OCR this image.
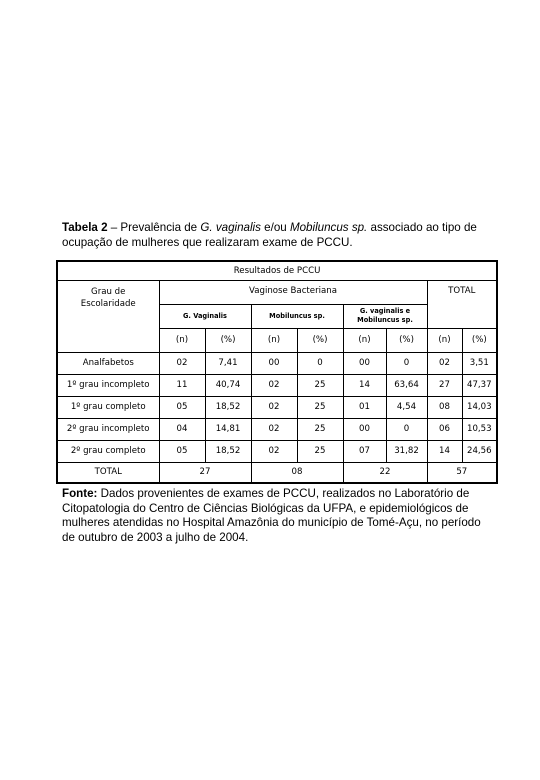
Tabela 2 – Prevalência de G. vaginalis e/ou Mobiluncus sp. associado ao tipo de ocupação de mulheres que realizaram exame de PCCU.
Resultados de PCCU								
Grau de Escolaridade	Vaginose Bacteriana						TOTAL	
	G. Vaginalis		Mobiluncus sp.		G. vaginalis e Mobiluncus sp.			
	(n)	(%)	(n)	(%)	(n)	(%)	(n)	(%)
Analfabetos	02	7,41	00	0	00	0	02	3,51
1º grau incompleto	11	40,74	02	25	14	63,64	27	47,37
1º grau completo	05	18,52	02	25	01	4,54	08	14,03
2º grau incompleto	04	14,81	02	25	00	0	06	10,53
2º grau completo	05	18,52	02	25	07	31,82	14	24,56
TOTAL	27		08		22		57	
Fonte: Dados provenientes de exames de PCCU, realizados no Laboratório de Citopatologia do Centro de Ciências Biológicas da UFPA, e epidemiológicos de mulheres atendidas no Hospital Amazônia do município de Tomé-Açu, no período de outubro de 2003 a julho de 2004.
